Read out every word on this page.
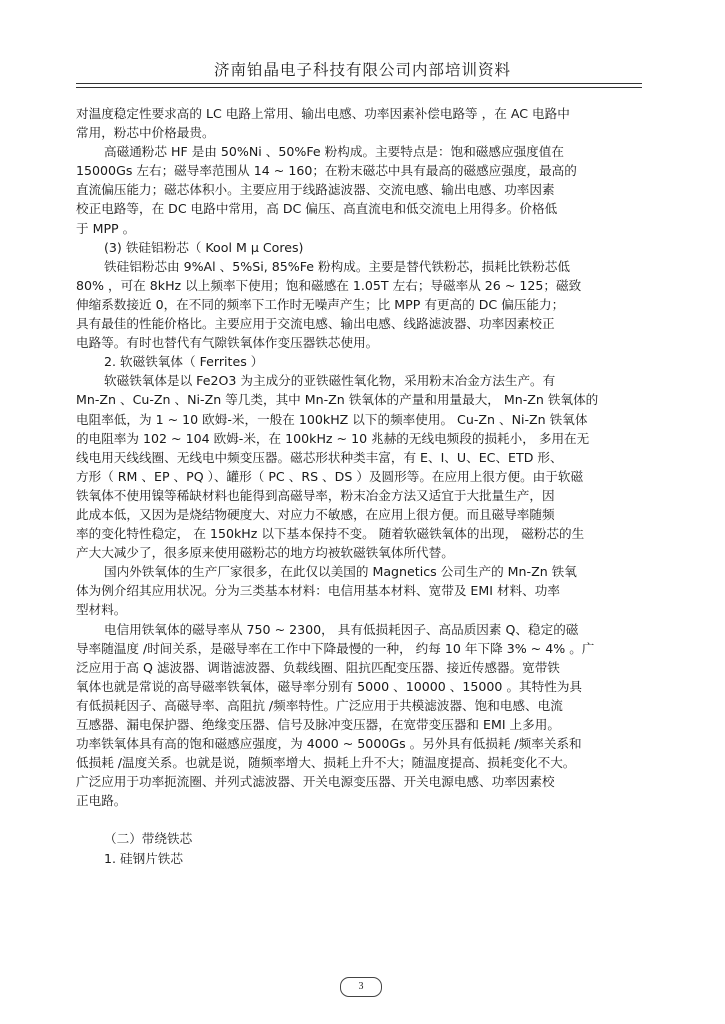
济南铂晶电子科技有限公司内部培训资料

对温度稳定性要求高的 LC 电路上常用、输出电感、功率因素补偿电路等 ，在 AC 电路中

常用，粉芯中价格最贵。

高磁通粉芯 HF 是由 50%Ni 、50%Fe 粉构成。主要特点是：饱和磁感应强度值在

15000Gs 左右；磁导率范围从 14 ~ 160；在粉末磁芯中具有最高的磁感应强度，最高的

直流偏压能力；磁芯体积小。主要应用于线路滤波器、交流电感、输出电感、功率因素

校正电路等，在 DC 电路中常用，高 DC 偏压、高直流电和低交流电上用得多。价格低

于 MPP 。

(3) 铁硅铝粉芯（ Kool M μ Cores)

铁硅铝粉芯由 9%Al 、5%Si, 85%Fe 粉构成。主要是替代铁粉芯，损耗比铁粉芯低

80% ，可在 8kHz 以上频率下使用；饱和磁感在 1.05T 左右；导磁率从 26 ~ 125；磁致

伸缩系数接近 0，在不同的频率下工作时无噪声产生；比 MPP 有更高的 DC 偏压能力；

具有最佳的性能价格比。主要应用于交流电感、输出电感、线路滤波器、功率因素校正

电路等。有时也替代有气隙铁氧体作变压器铁芯使用。

2. 软磁铁氧体（ Ferrites ）

软磁铁氧体是以 Fe2O3 为主成分的亚铁磁性氧化物，采用粉末冶金方法生产。有

Mn-Zn 、Cu-Zn 、Ni-Zn 等几类，其中 Mn-Zn 铁氧体的产量和用量最大， Mn-Zn 铁氧体的

电阻率低，为 1 ~ 10 欧姆-米，一般在 100kHZ 以下的频率使用。 Cu-Zn 、Ni-Zn 铁氧体

的电阻率为 102 ~ 104 欧姆-米，在 100kHz ~ 10 兆赫的无线电频段的损耗小， 多用在无

线电用天线线圈、无线电中频变压器。磁芯形状种类丰富，有 E、I、U、EC、ETD 形、

方形（ RM 、EP 、PQ ）、罐形（ PC 、RS 、DS ）及圆形等。在应用上很方便。由于软磁

铁氧体不使用镍等稀缺材料也能得到高磁导率，粉末冶金方法又适宜于大批量生产，因

此成本低，又因为是烧结物硬度大、对应力不敏感，在应用上很方便。而且磁导率随频

率的变化特性稳定， 在 150kHz 以下基本保持不变。 随着软磁铁氧体的出现， 磁粉芯的生

产大大减少了，很多原来使用磁粉芯的地方均被软磁铁氧体所代替。

国内外铁氧体的生产厂家很多，在此仅以美国的 Magnetics 公司生产的 Mn-Zn 铁氧

体为例介绍其应用状况。分为三类基本材料：电信用基本材料、宽带及 EMI 材料、功率

型材料。

电信用铁氧体的磁导率从 750 ~ 2300， 具有低损耗因子、高品质因素 Q、稳定的磁

导率随温度 /时间关系，是磁导率在工作中下降最慢的一种， 约每 10 年下降 3% ~ 4% 。广

泛应用于高 Q 滤波器、调谐滤波器、负载线圈、阻抗匹配变压器、接近传感器。宽带铁

氧体也就是常说的高导磁率铁氧体，磁导率分别有 5000 、10000 、15000 。其特性为具

有低损耗因子、高磁导率、高阻抗 /频率特性。广泛应用于共模滤波器、饱和电感、电流

互感器、漏电保护器、绝缘变压器、信号及脉冲变压器，在宽带变压器和 EMI 上多用。

功率铁氧体具有高的饱和磁感应强度，为 4000 ~ 5000Gs 。另外具有低损耗 /频率关系和

低损耗 /温度关系。也就是说，随频率增大、损耗上升不大；随温度提高、损耗变化不大。

广泛应用于功率扼流圈、并列式滤波器、开关电源变压器、开关电源电感、功率因素校

正电路。

（二）带绕铁芯

1. 硅钢片铁芯

3
